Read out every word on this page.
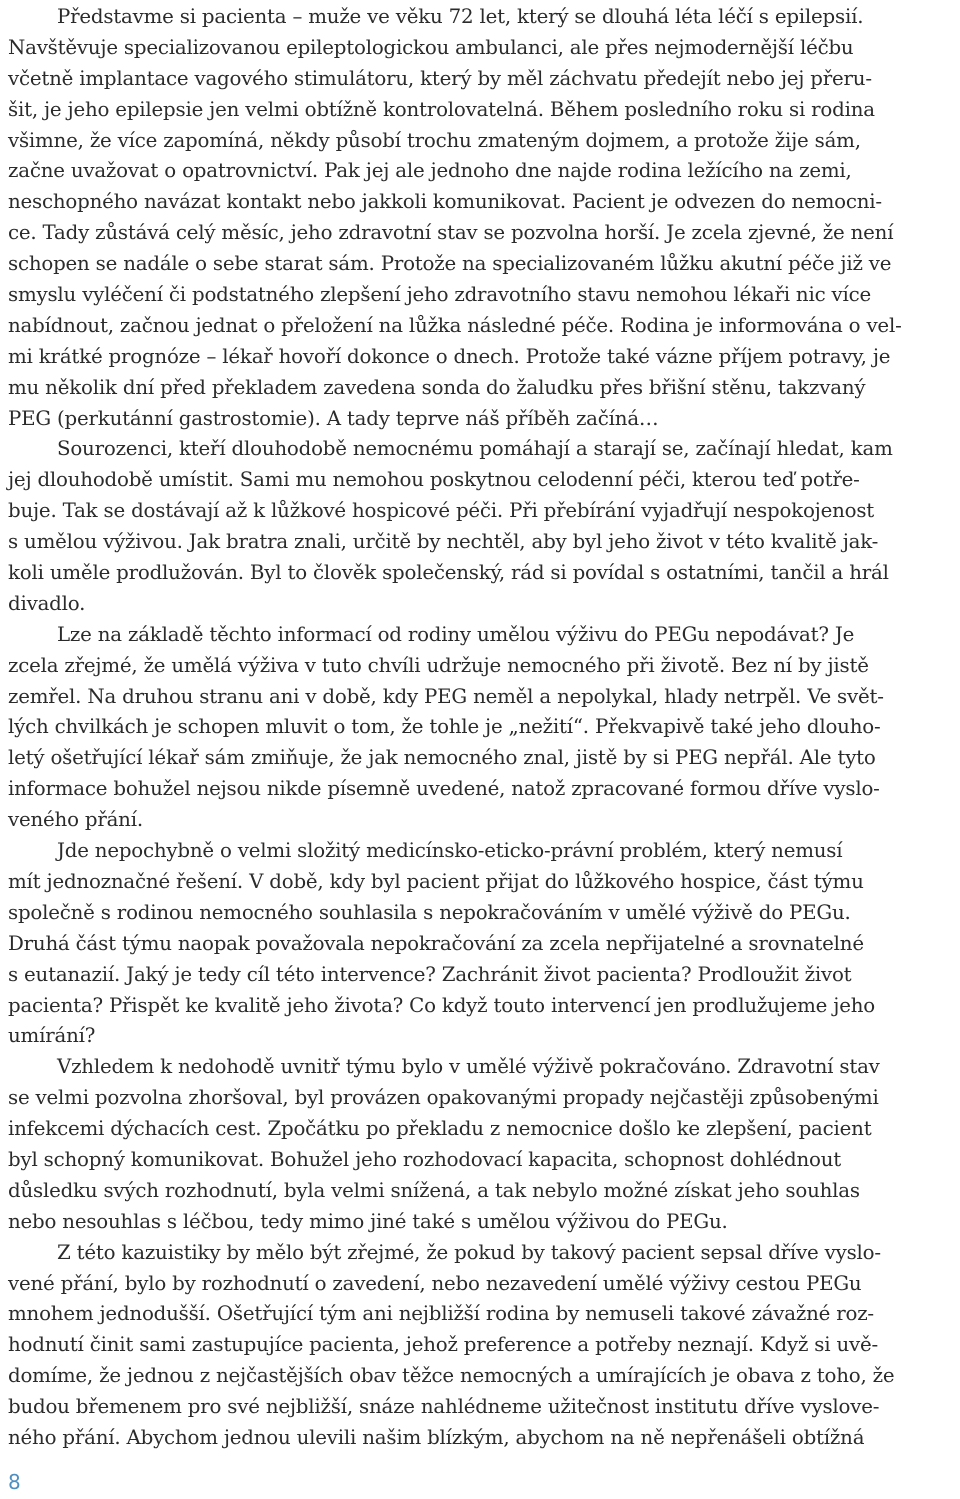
Představme si pacienta – muže ve věku 72 let, který se dlouhá léta léčí s epilepsií.

Navštěvuje specializovanou epileptologickou ambulanci, ale přes nejmodernější léčbu

včetně implantace vagového stimulátoru, který by měl záchvatu předejít nebo jej přeru-

šit, je jeho epilepsie jen velmi obtížně kontrolovatelná. Během posledního roku si rodina

všimne, že více zapomíná, někdy působí trochu zmateným dojmem, a protože žije sám,

začne uvažovat o opatrovnictví. Pak jej ale jednoho dne najde rodina ležícího na zemi,

neschopného navázat kontakt nebo jakkoli komunikovat. Pacient je odvezen do nemocni-

ce. Tady zůstává celý měsíc, jeho zdravotní stav se pozvolna horší. Je zcela zjevné, že není

schopen se nadále o sebe starat sám. Protože na specializovaném lůžku akutní péče již ve

smyslu vyléčení či podstatného zlepšení jeho zdravotního stavu nemohou lékaři nic více

nabídnout, začnou jednat o přeložení na lůžka následné péče. Rodina je informována o vel-

mi krátké prognóze – lékař hovoří dokonce o dnech. Protože také vázne příjem potravy, je

mu několik dní před překladem zavedena sonda do žaludku přes břišní stěnu, takzvaný

PEG (perkutánní gastrostomie). A tady teprve náš příběh začíná…

Sourozenci, kteří dlouhodobě nemocnému pomáhají a starají se, začínají hledat, kam

jej dlouhodobě umístit. Sami mu nemohou poskytnou celodenní péči, kterou teď potře-

buje. Tak se dostávají až k lůžkové hospicové péči. Při přebírání vyjadřují nespokojenost

s umělou výživou. Jak bratra znali, určitě by nechtěl, aby byl jeho život v této kvalitě jak-

koli uměle prodlužován. Byl to člověk společenský, rád si povídal s ostatními, tančil a hrál

divadlo.

Lze na základě těchto informací od rodiny umělou výživu do PEGu nepodávat? Je

zcela zřejmé, že umělá výživa v tuto chvíli udržuje nemocného při životě. Bez ní by jistě

zemřel. Na druhou stranu ani v době, kdy PEG neměl a nepolykal, hlady netrpěl. Ve svět-

lých chvilkách je schopen mluvit o tom, že tohle je „nežití“. Překvapivě také jeho dlouho-

letý ošetřující lékař sám zmiňuje, že jak nemocného znal, jistě by si PEG nepřál. Ale tyto

informace bohužel nejsou nikde písemně uvedené, natož zpracované formou dříve vyslo-

veného přání.

Jde nepochybně o velmi složitý medicínsko-eticko-právní problém, který nemusí

mít jednoznačné řešení. V době, kdy byl pacient přijat do lůžkového hospice, část týmu

společně s rodinou nemocného souhlasila s nepokračováním v umělé výživě do PEGu.

Druhá část týmu naopak považovala nepokračování za zcela nepřijatelné a srovnatelné

s eutanazií. Jaký je tedy cíl této intervence? Zachránit život pacienta? Prodloužit život

pacienta? Přispět ke kvalitě jeho života? Co když touto intervencí jen prodlužujeme jeho

umírání?

Vzhledem k nedohodě uvnitř týmu bylo v umělé výživě pokračováno. Zdravotní stav

se velmi pozvolna zhoršoval, byl provázen opakovanými propady nejčastěji způsobenými

infekcemi dýchacích cest. Zpočátku po překladu z nemocnice došlo ke zlepšení, pacient

byl schopný komunikovat. Bohužel jeho rozhodovací kapacita, schopnost dohlédnout

důsledku svých rozhodnutí, byla velmi snížená, a tak nebylo možné získat jeho souhlas

nebo nesouhlas s léčbou, tedy mimo jiné také s umělou výživou do PEGu.

Z této kazuistiky by mělo být zřejmé, že pokud by takový pacient sepsal dříve vyslo-

vené přání, bylo by rozhodnutí o zavedení, nebo nezavedení umělé výživy cestou PEGu

mnohem jednodušší. Ošetřující tým ani nejbližší rodina by nemuseli takové závažné roz-

hodnutí činit sami zastupujíce pacienta, jehož preference a potřeby neznají. Když si uvě-

domíme, že jednou z nejčastějších obav těžce nemocných a umírajících je obava z toho, že

budou břemenem pro své nejbližší, snáze nahlédneme užitečnost institutu dříve vyslove-

ného přání. Abychom jednou ulevili našim blízkým, abychom na ně nepřenášeli obtížná

8
